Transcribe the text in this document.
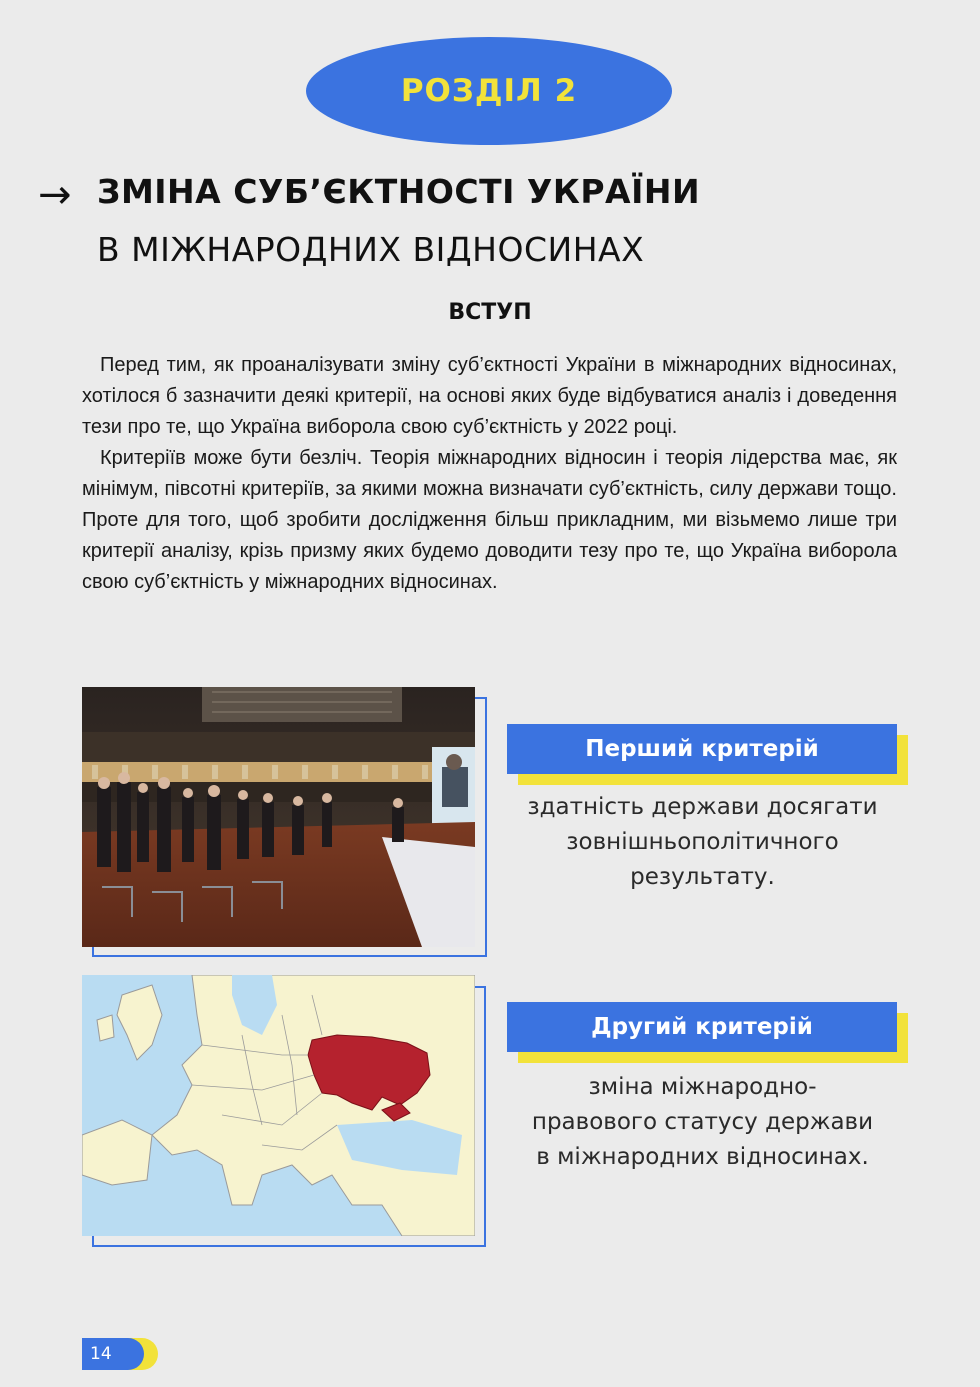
РОЗДІЛ 2
→ ЗМІНА СУБ’ЄКТНОСТІ УКРАЇНИ
В МІЖНАРОДНИХ ВІДНОСИНАХ
ВСТУП

Перед тим, як проаналізувати зміну суб’єктності України в міжнародних відносинах, хотілося б зазначити деякі критерії, на основі яких буде відбуватися аналіз і доведення тези про те, що Україна виборола свою суб’єктність у 2022 році.

Критеріїв може бути безліч. Теорія міжнародних відносин і теорія лідерства має, як мінімум, півсотні критеріїв, за якими можна визначати суб’єктність, силу держави тощо. Проте для того, щоб зробити дослідження більш прикладним, ми візьмемо лише три критерії аналізу, крізь призму яких будемо доводити тезу про те, що Україна виборола свою суб’єктність у міжнародних відносинах.

Перший критерій
здатність держави досягати
зовнішньополітичного
результату.
Другий критерій
зміна міжнародно-
правового статусу держави
в міжнародних відносинах.
14
